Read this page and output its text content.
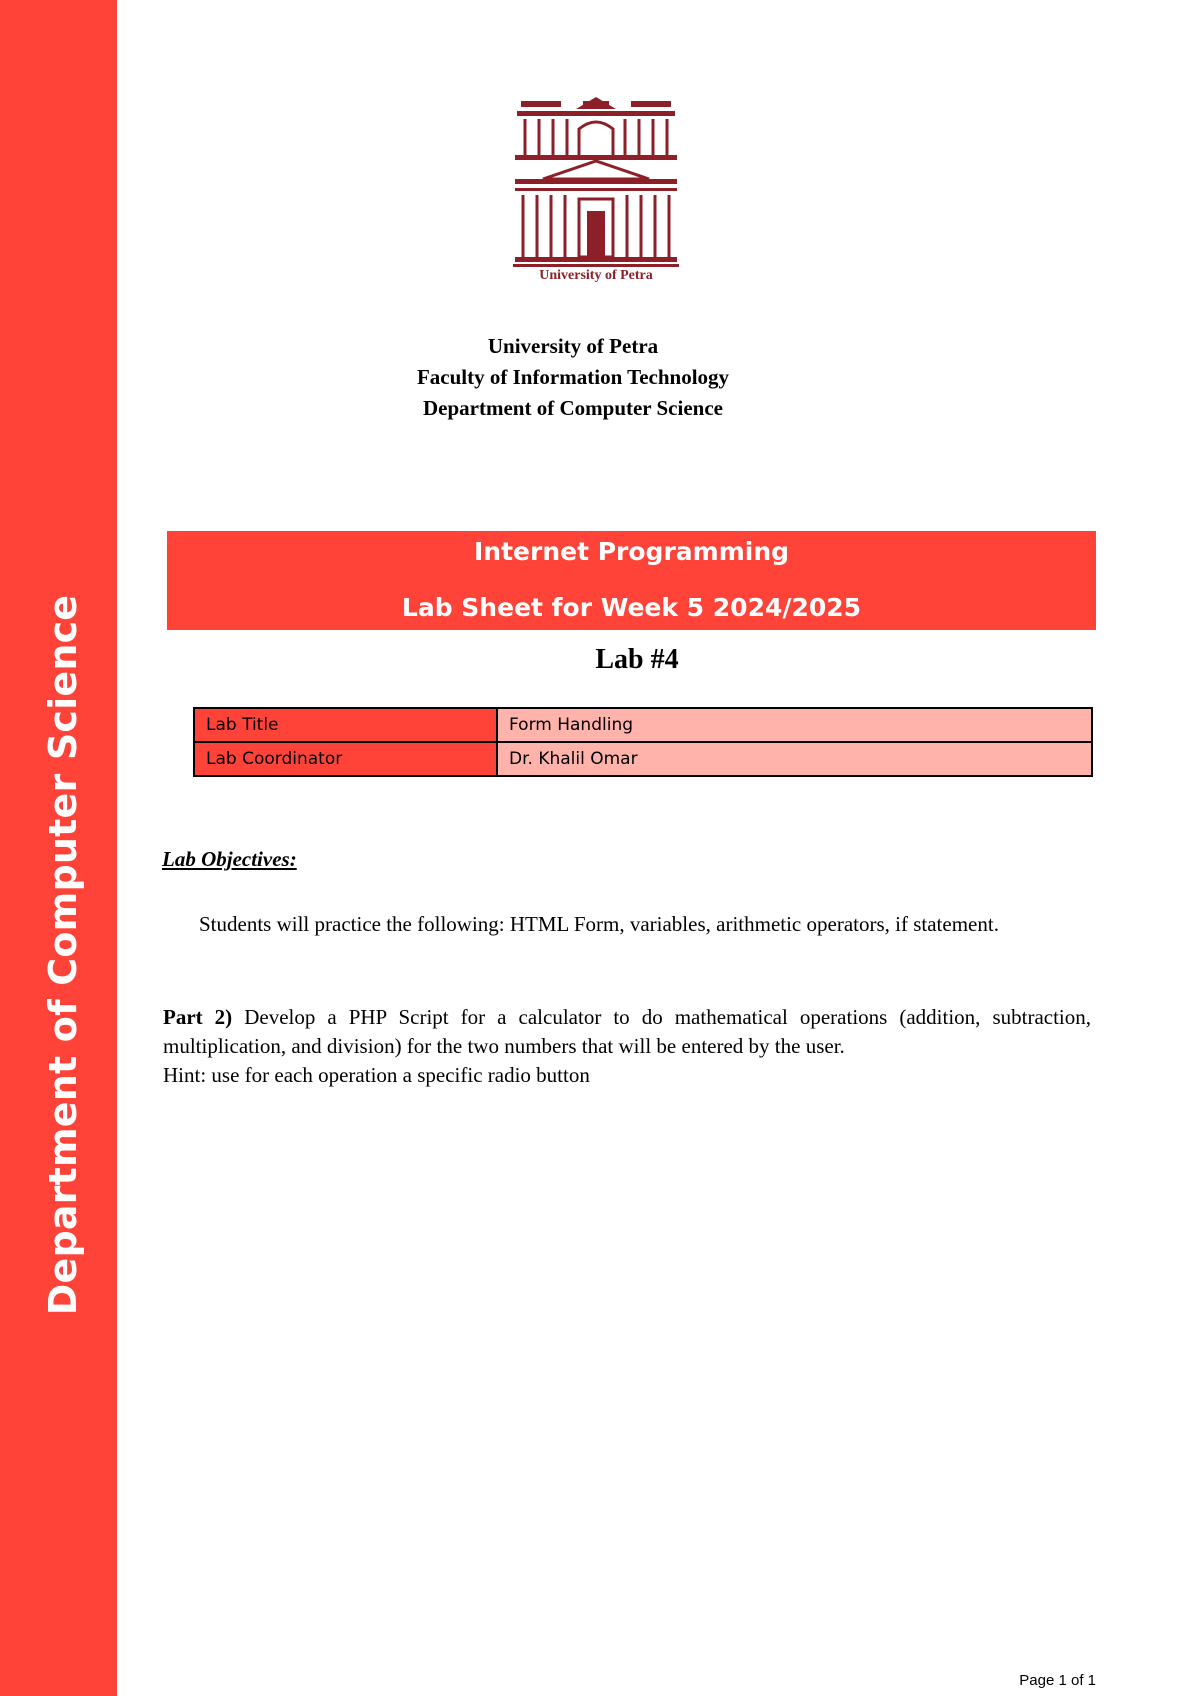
Department of Computer Science
University of Petra
University of Petra
Faculty of Information Technology
Department of Computer Science
Internet Programming
Lab Sheet for Week 5 2024/2025
Lab #4
Lab Title	Form Handling
Lab Coordinator	Dr. Khalil Omar
Lab Objectives:
Students will practice the following: HTML Form, variables, arithmetic operators, if statement.
Part 2) Develop a PHP Script for a calculator to do mathematical operations (addition, subtraction, multiplication, and division) for the two numbers that will be entered by the user.
Hint: use for each operation a specific radio button
Page 1 of 1
